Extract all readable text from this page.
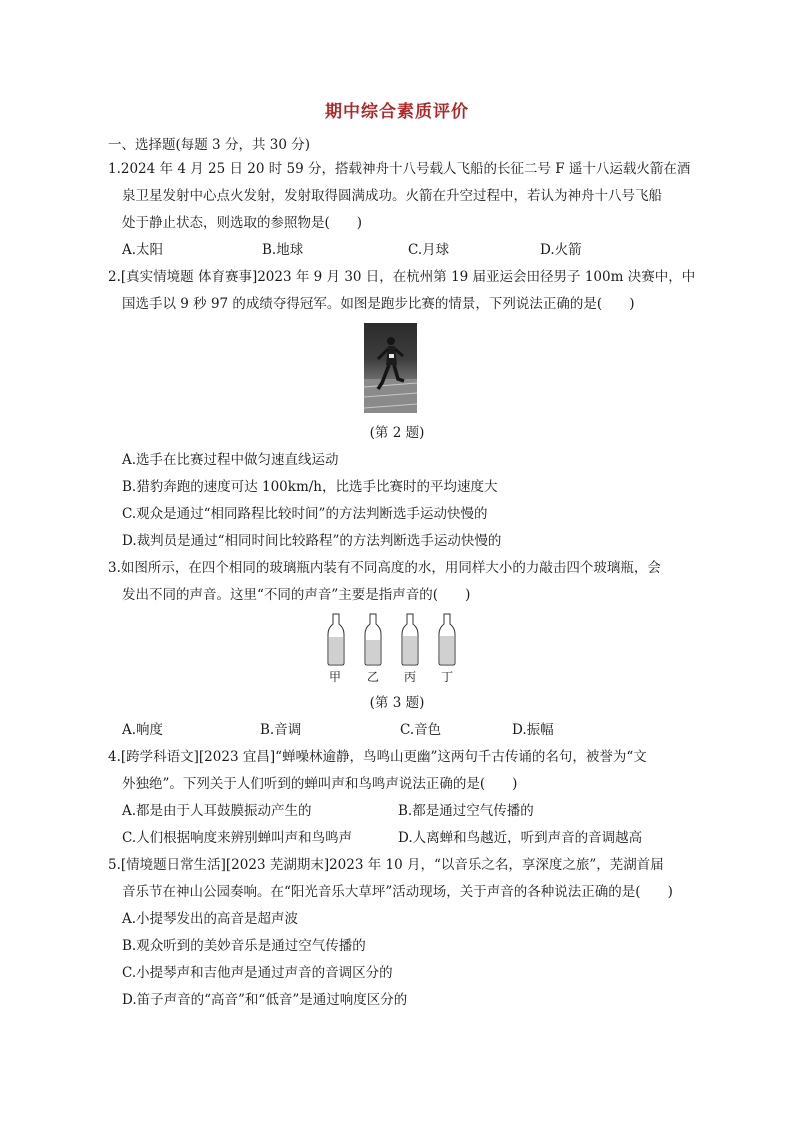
期中综合素质评价
一、选择题(每题 3 分，共 30 分)
1.2024 年 4 月 25 日 20 时 59 分，搭载神舟十八号载人飞船的长征二号 F 遥十八运载火箭在酒
泉卫星发射中心点火发射，发射取得圆满成功。火箭在升空过程中，若认为神舟十八号飞船
处于静止状态，则选取的参照物是(　　)
A.太阳	B.地球	C.月球	D.火箭
2.[真实情境题 体育赛事]2023 年 9 月 30 日，在杭州第 19 届亚运会田径男子 100m 决赛中，中
国选手以 9 秒 97 的成绩夺得冠军。如图是跑步比赛的情景，下列说法正确的是(　　)
(第 2 题)
A.选手在比赛过程中做匀速直线运动
B.猎豹奔跑的速度可达 100km/h，比选手比赛时的平均速度大
C.观众是通过“相同路程比较时间”的方法判断选手运动快慢的
D.裁判员是通过“相同时间比较路程”的方法判断选手运动快慢的
3.如图所示，在四个相同的玻璃瓶内装有不同高度的水，用同样大小的力敲击四个玻璃瓶，会
发出不同的声音。这里“不同的声音”主要是指声音的(　　)
甲 乙 丙 丁
(第 3 题)
A.响度	B.音调	C.音色	D.振幅
4.[跨学科语文][2023 宜昌]“蝉噪林逾静，鸟鸣山更幽”这两句千古传诵的名句，被誉为“文
外独绝”。下列关于人们听到的蝉叫声和鸟鸣声说法正确的是(　　)
A.都是由于人耳鼓膜振动产生的	B.都是通过空气传播的
C.人们根据响度来辨别蝉叫声和鸟鸣声	D.人离蝉和鸟越近，听到声音的音调越高
5.[情境题日常生活][2023 芜湖期末]2023 年 10 月，“以音乐之名，享深度之旅”，芜湖首届
音乐节在神山公园奏响。在“阳光音乐大草坪”活动现场，关于声音的各种说法正确的是(　　)
A.小提琴发出的高音是超声波
B.观众听到的美妙音乐是通过空气传播的
C.小提琴声和吉他声是通过声音的音调区分的
D.笛子声音的“高音”和“低音”是通过响度区分的
